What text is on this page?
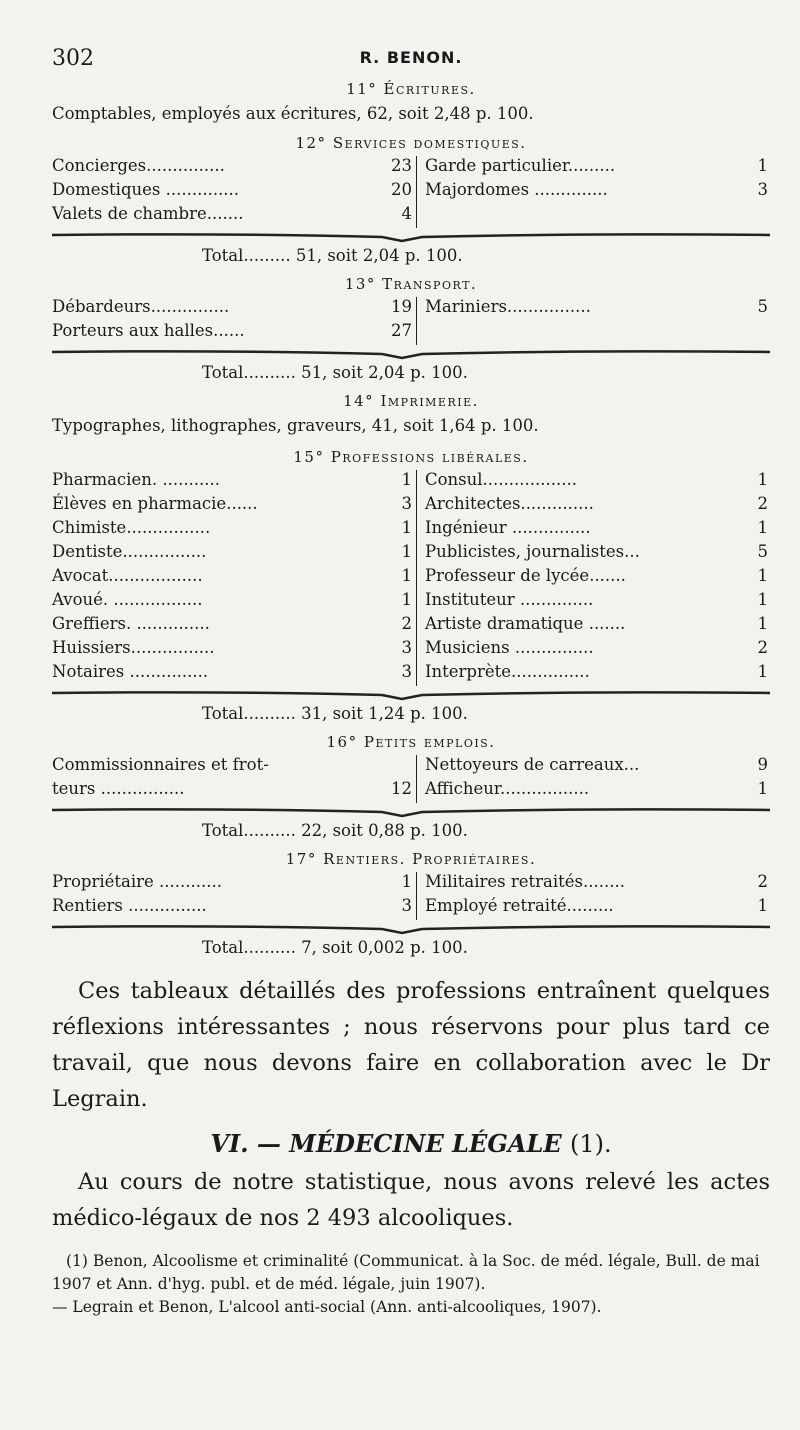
302	R. BENON.
11° Écritures.
Comptables, employés aux écritures, 62, soit 2,48 p. 100.
12° Services domestiques.
Concierges...............	23	Garde particulier.........	1
Domestiques ..............	20	Majordomes ..............	3
Valets de chambre.......	4		
Total......... 51, soit 2,04 p. 100.
13° Transport.
Débardeurs...............	19	Mariniers................	5
Porteurs aux halles......	27		
Total.......... 51, soit 2,04 p. 100.
14° Imprimerie.
Typographes, lithographes, graveurs, 41, soit 1,64 p. 100.
15° Professions libérales.
Pharmacien. ...........	1	Consul..................	1
Élèves en pharmacie......	3	Architectes..............	2
Chimiste................	1	Ingénieur ...............	1
Dentiste................	1	Publicistes, journalistes...	5
Avocat..................	1	Professeur de lycée.......	1
Avoué. .................	1	Instituteur ..............	1
Greffiers. ..............	2	Artiste dramatique .......	1
Huissiers................	3	Musiciens ...............	2
Notaires ...............	3	Interprète...............	1
Total.......... 31, soit 1,24 p. 100.
16° Petits emplois.
Commissionnaires et frot-		Nettoyeurs de carreaux...	9
teurs ................	12	Afficheur.................	1
Total.......... 22, soit 0,88 p. 100.
17° Rentiers. Propriétaires.
Propriétaire ............	1	Militaires retraités........	2
Rentiers ...............	3	Employé retraité.........	1
Total.......... 7, soit 0,002 p. 100.

Ces tableaux détaillés des professions entraînent quelques réflexions intéressantes ; nous réservons pour plus tard ce travail, que nous devons faire en collaboration avec le Dr Legrain.

VI. — MÉDECINE LÉGALE (1).

Au cours de notre statistique, nous avons relevé les actes médico-légaux de nos 2 493 alcooliques.

(1) Benon, Alcoolisme et criminalité (Communicat. à la Soc. de méd. légale, Bull. de mai 1907 et Ann. d'hyg. publ. et de méd. légale, juin 1907).

— Legrain et Benon, L'alcool anti-social (Ann. anti-alcooliques, 1907).
